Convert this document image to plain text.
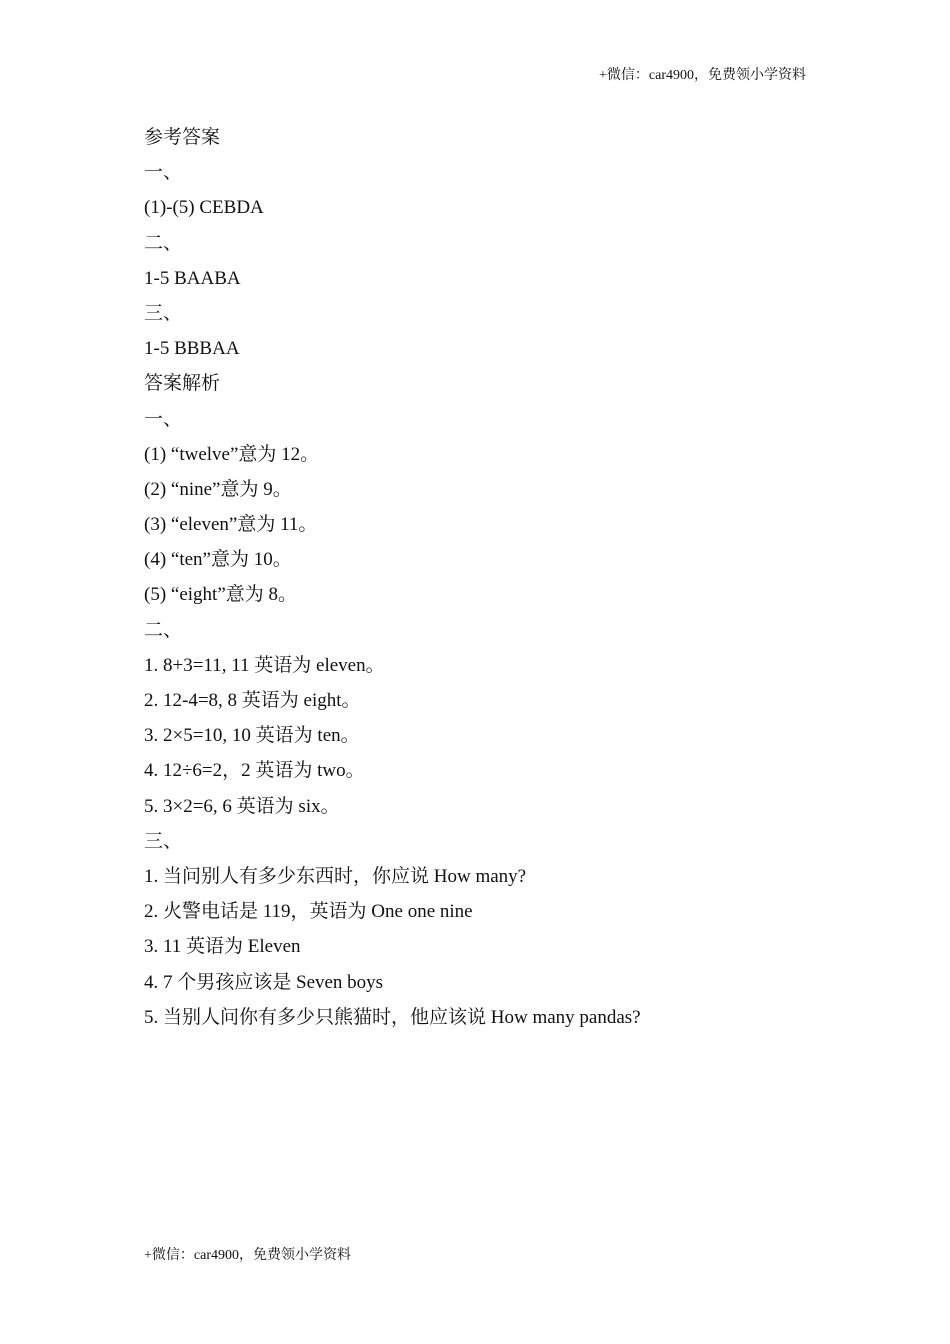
+微信：car4900，免费领小学资料
参考答案
一、
(1)-(5) CEBDA
二、
1-5 BAABA
三、
1-5 BBBAA
答案解析
一、
(1) “twelve”意为 12。
(2) “nine”意为 9。
(3) “eleven”意为 11。
(4) “ten”意为 10。
(5) “eight”意为 8。
二、
1. 8+3=11, 11 英语为 eleven。
2. 12-4=8, 8 英语为 eight。
3. 2×5=10, 10 英语为 ten。
4. 12÷6=2，2 英语为 two。
5. 3×2=6, 6 英语为 six。
三、
1. 当问别人有多少东西时，你应说 How many?
2. 火警电话是 119，英语为 One one nine
3. 11 英语为 Eleven
4. 7 个男孩应该是 Seven boys
5. 当别人问你有多少只熊猫时，他应该说 How many pandas?
+微信：car4900，免费领小学资料
